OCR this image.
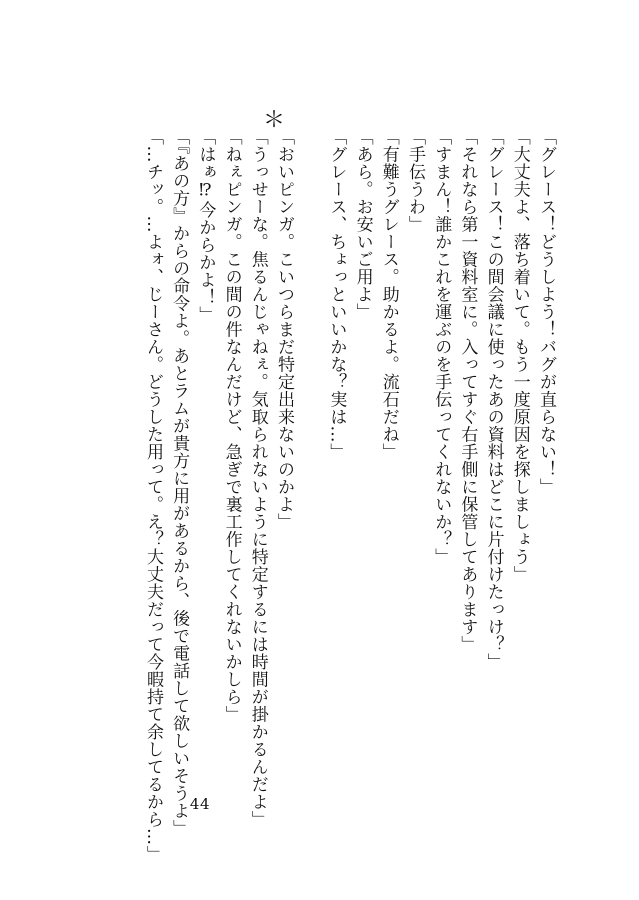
「グレース！どうしよう！バグが直らない！」
「大丈夫よ、落ち着いて。もう一度原因を探しましょう」
「グレース！この間会議に使ったあの資料はどこに片付けたっけ？」
「それなら第一資料室に。入ってすぐ右手側に保管してあります」
「すまん！誰かこれを運ぶのを手伝ってくれないか？」
「手伝うわ」
「有難うグレース。助かるよ。流石だね」
「あら。お安いご用よ」
「グレース、ちょっといいかな？実は…」

「おいピンガ。こいつらまだ特定出来ないのかよ」
「うっせーな。焦るんじゃねぇ。気取られないように特定するには時間が掛かるんだよ」
「ねぇピンガ。この間の件なんだけど、急ぎで裏工作してくれないかしら」
「はぁ⁉今からかよ！」
「『あの方』からの命令よ。あとラムが貴方に用があるから、後で電話して欲しいそうよ」
「…チッ。…よォ、じーさん。どうした用って。え？大丈夫だって今暇持て余してるから…」
＊
44
